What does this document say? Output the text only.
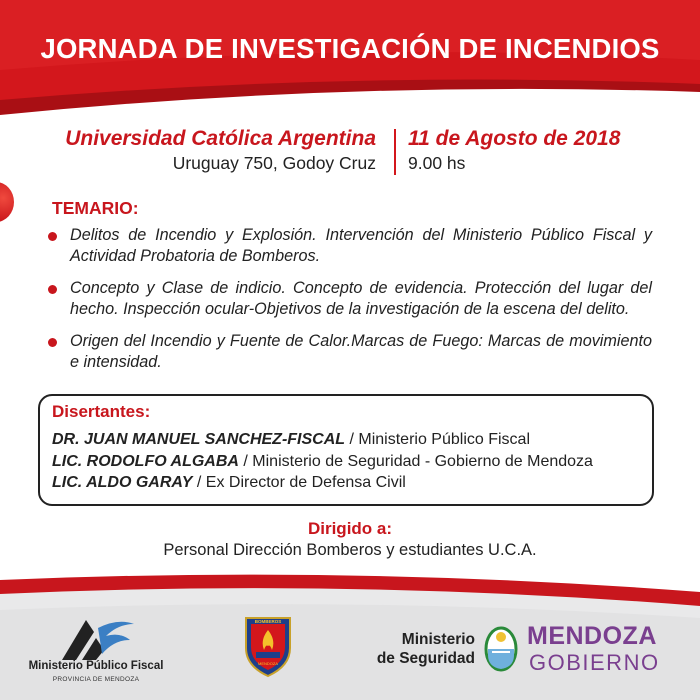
JORNADA DE INVESTIGACIÓN DE INCENDIOS
Universidad Católica Argentina
Uruguay 750, Godoy Cruz
11 de Agosto de 2018
9.00 hs
TEMARIO:
Delitos de Incendio y Explosión. Intervención del Ministerio Público Fiscal y Actividad Probatoria de Bomberos.
Concepto y Clase de indicio. Concepto de evidencia. Protección del lugar del hecho. Inspección ocular-Objetivos de la investigación de la escena del delito.
Origen del Incendio y Fuente de Calor.Marcas de Fuego: Marcas de movimiento e intensidad.
Disertantes:
DR. JUAN MANUEL SANCHEZ-FISCAL / Ministerio Público Fiscal
LIC. RODOLFO ALGABA / Ministerio de Seguridad - Gobierno de Mendoza
LIC. ALDO GARAY / Ex Director de Defensa Civil
Dirigido a:
Personal Dirección Bomberos y estudiantes U.C.A.
Ministerio Público Fiscal
PROVINCIA DE MENDOZA
BOMBEROS
MENDOZA
Ministerio
de Seguridad
MENDOZA
GOBIERNO
